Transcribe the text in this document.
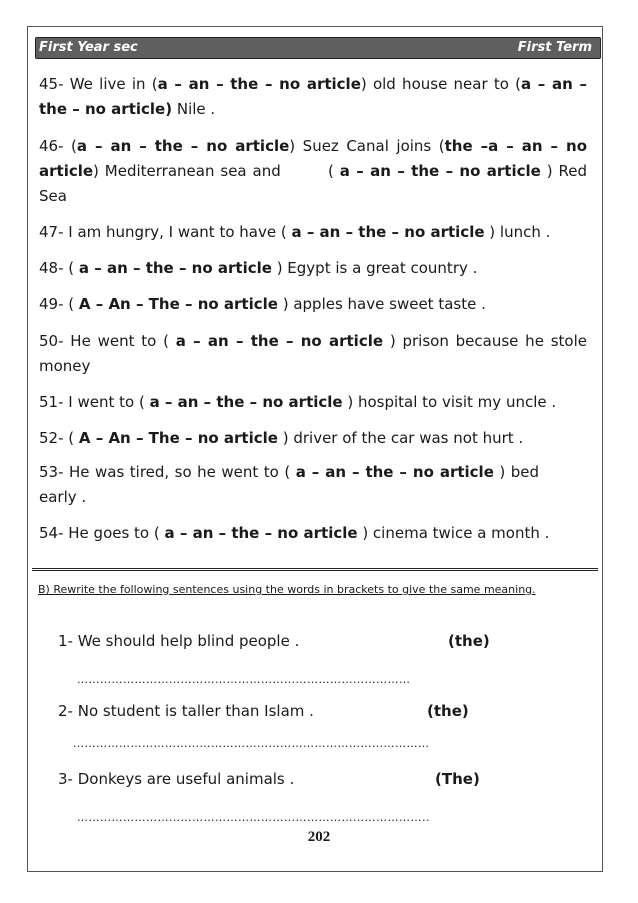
First Year sec	First Term

45- We live in (a – an – the – no article) old house near to (a – an – the – no article) Nile .

46- (a – an – the – no article) Suez Canal joins (the –a – an – no article) Mediterranean sea and        ( a – an – the – no article ) Red Sea

47- I am hungry, I want to have ( a – an – the – no article ) lunch .

48- ( a – an – the – no article ) Egypt is a great country .

49- ( A – An – The – no article ) apples have sweet taste .

50- He went to ( a – an – the – no article ) prison because he stole money

51- I went to ( a – an – the – no article ) hospital to visit my uncle .

52- ( A – An – The – no article ) driver of the car was not hurt .

53- He was tired, so he went to ( a – an – the – no article ) bed early .

54- He goes to ( a – an – the – no article ) cinema twice a month .

B) Rewrite the following sentences using the words in brackets to give the same meaning.
1- We should help blind people .	(the)
……………………………………………………………………………
2- No student is taller than Islam .	(the)
…………………………………………………………………………………
3- Donkeys are useful animals .	(The)
………………………………………………………………………………..
202
